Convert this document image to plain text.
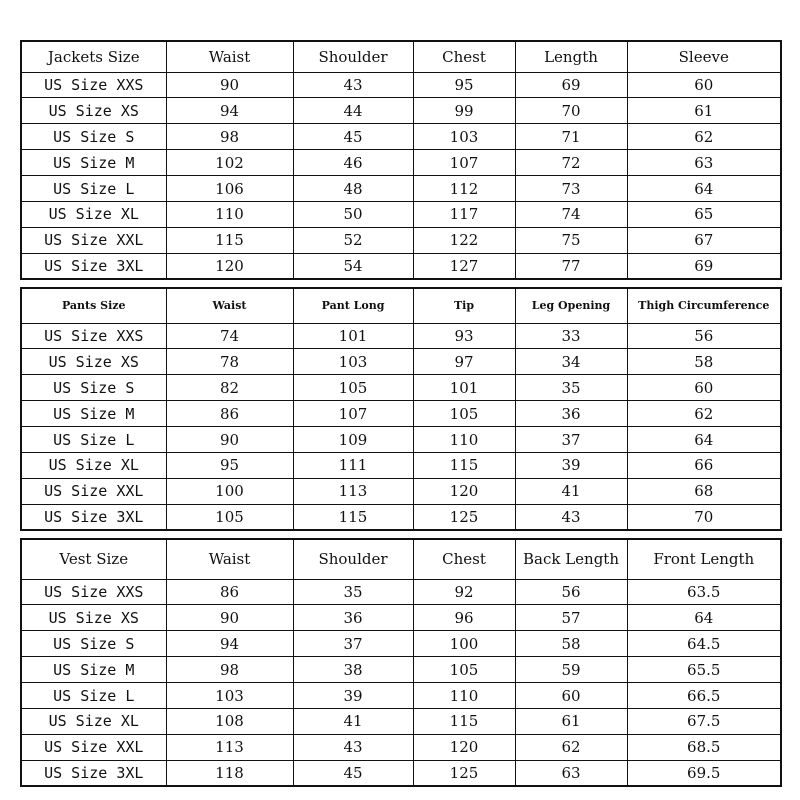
Jackets Size	Waist	Shoulder	Chest	Length	Sleeve
US Size XXS	90	43	95	69	60
US Size XS	94	44	99	70	61
US Size S	98	45	103	71	62
US Size M	102	46	107	72	63
US Size L	106	48	112	73	64
US Size XL	110	50	117	74	65
US Size XXL	115	52	122	75	67
US Size 3XL	120	54	127	77	69
Pants Size	Waist	Pant Long	Tip	Leg Opening	Thigh Circumference
US Size XXS	74	101	93	33	56
US Size XS	78	103	97	34	58
US Size S	82	105	101	35	60
US Size M	86	107	105	36	62
US Size L	90	109	110	37	64
US Size XL	95	111	115	39	66
US Size XXL	100	113	120	41	68
US Size 3XL	105	115	125	43	70
Vest Size	Waist	Shoulder	Chest	Back Length	Front Length
US Size XXS	86	35	92	56	63.5
US Size XS	90	36	96	57	64
US Size S	94	37	100	58	64.5
US Size M	98	38	105	59	65.5
US Size L	103	39	110	60	66.5
US Size XL	108	41	115	61	67.5
US Size XXL	113	43	120	62	68.5
US Size 3XL	118	45	125	63	69.5
